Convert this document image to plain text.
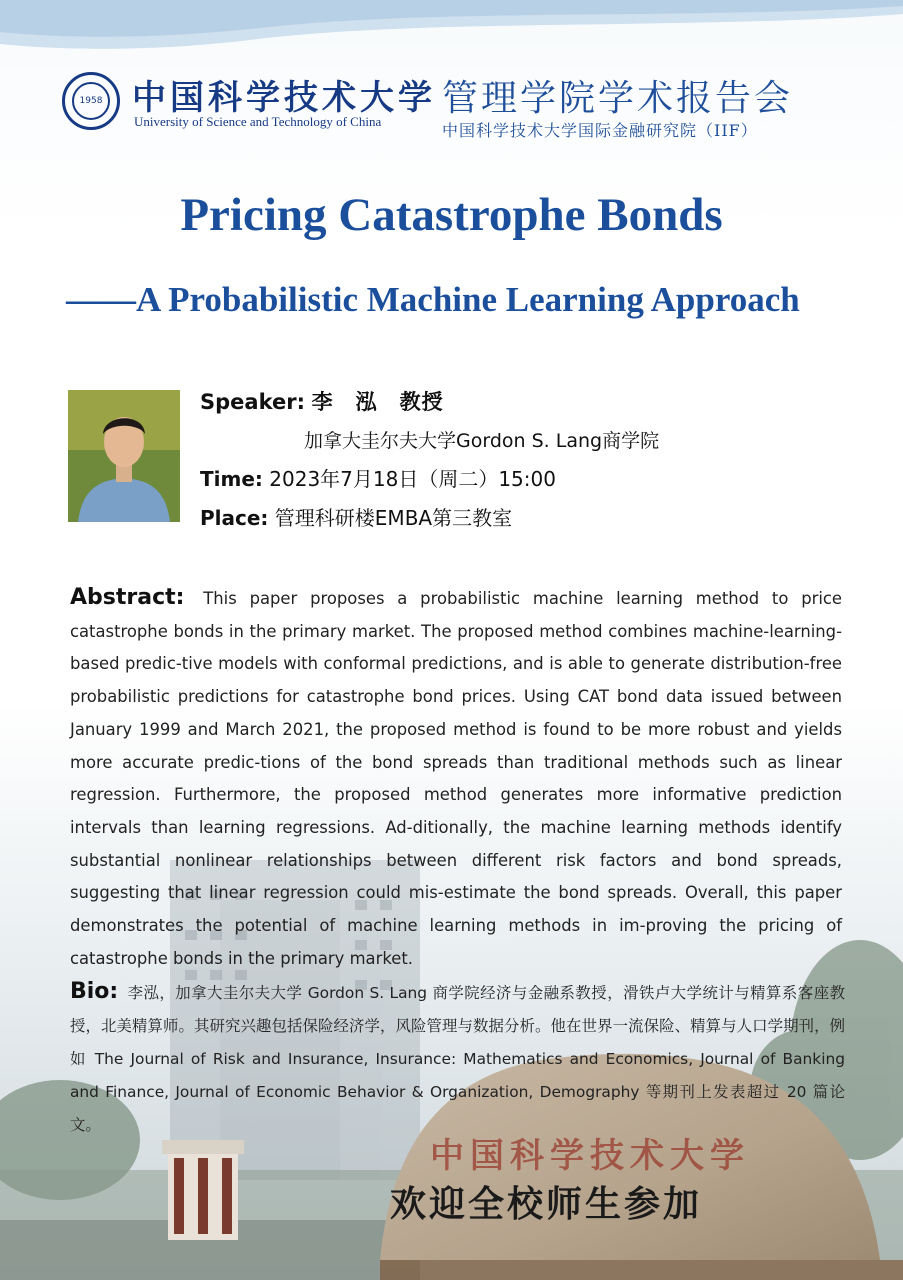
1958 中国科学技术大学
University of Science and Technology of China
管理学院学术报告会
中国科学技术大学国际金融研究院（IIF）
Pricing Catastrophe Bonds
——A Probabilistic Machine Learning Approach
Speaker: 李　泓　教授
加拿大圭尔夫大学Gordon S. Lang商学院
Time: 2023年7月18日（周二）15:00
Place: 管理科研楼EMBA第三教室
Abstract: This paper proposes a probabilistic machine learning method to price catastrophe bonds in the primary market. The proposed method combines machine-learning-based predic-tive models with conformal predictions, and is able to generate distribution-free probabilistic predictions for catastrophe bond prices. Using CAT bond data issued between January 1999 and March 2021, the proposed method is found to be more robust and yields more accurate predic-tions of the bond spreads than traditional methods such as linear regression. Furthermore, the proposed method generates more informative prediction intervals than learning regressions. Ad-ditionally, the machine learning methods identify substantial nonlinear relationships between different risk factors and bond spreads, suggesting that linear regression could mis-estimate the bond spreads. Overall, this paper demonstrates the potential of machine learning methods in im-proving the pricing of catastrophe bonds in the primary market.
Bio: 李泓，加拿大圭尔夫大学 Gordon S. Lang 商学院经济与金融系教授，滑铁卢大学统计与精算系客座教授，北美精算师。其研究兴趣包括保险经济学，风险管理与数据分析。他在世界一流保险、精算与人口学期刊，例如 The Journal of Risk and Insurance, Insurance: Mathematics and Economics, Journal of Banking and Finance, Journal of Economic Behavior & Organization, Demography 等期刊上发表超过 20 篇论文。
中国科学技术大学
欢迎全校师生参加
